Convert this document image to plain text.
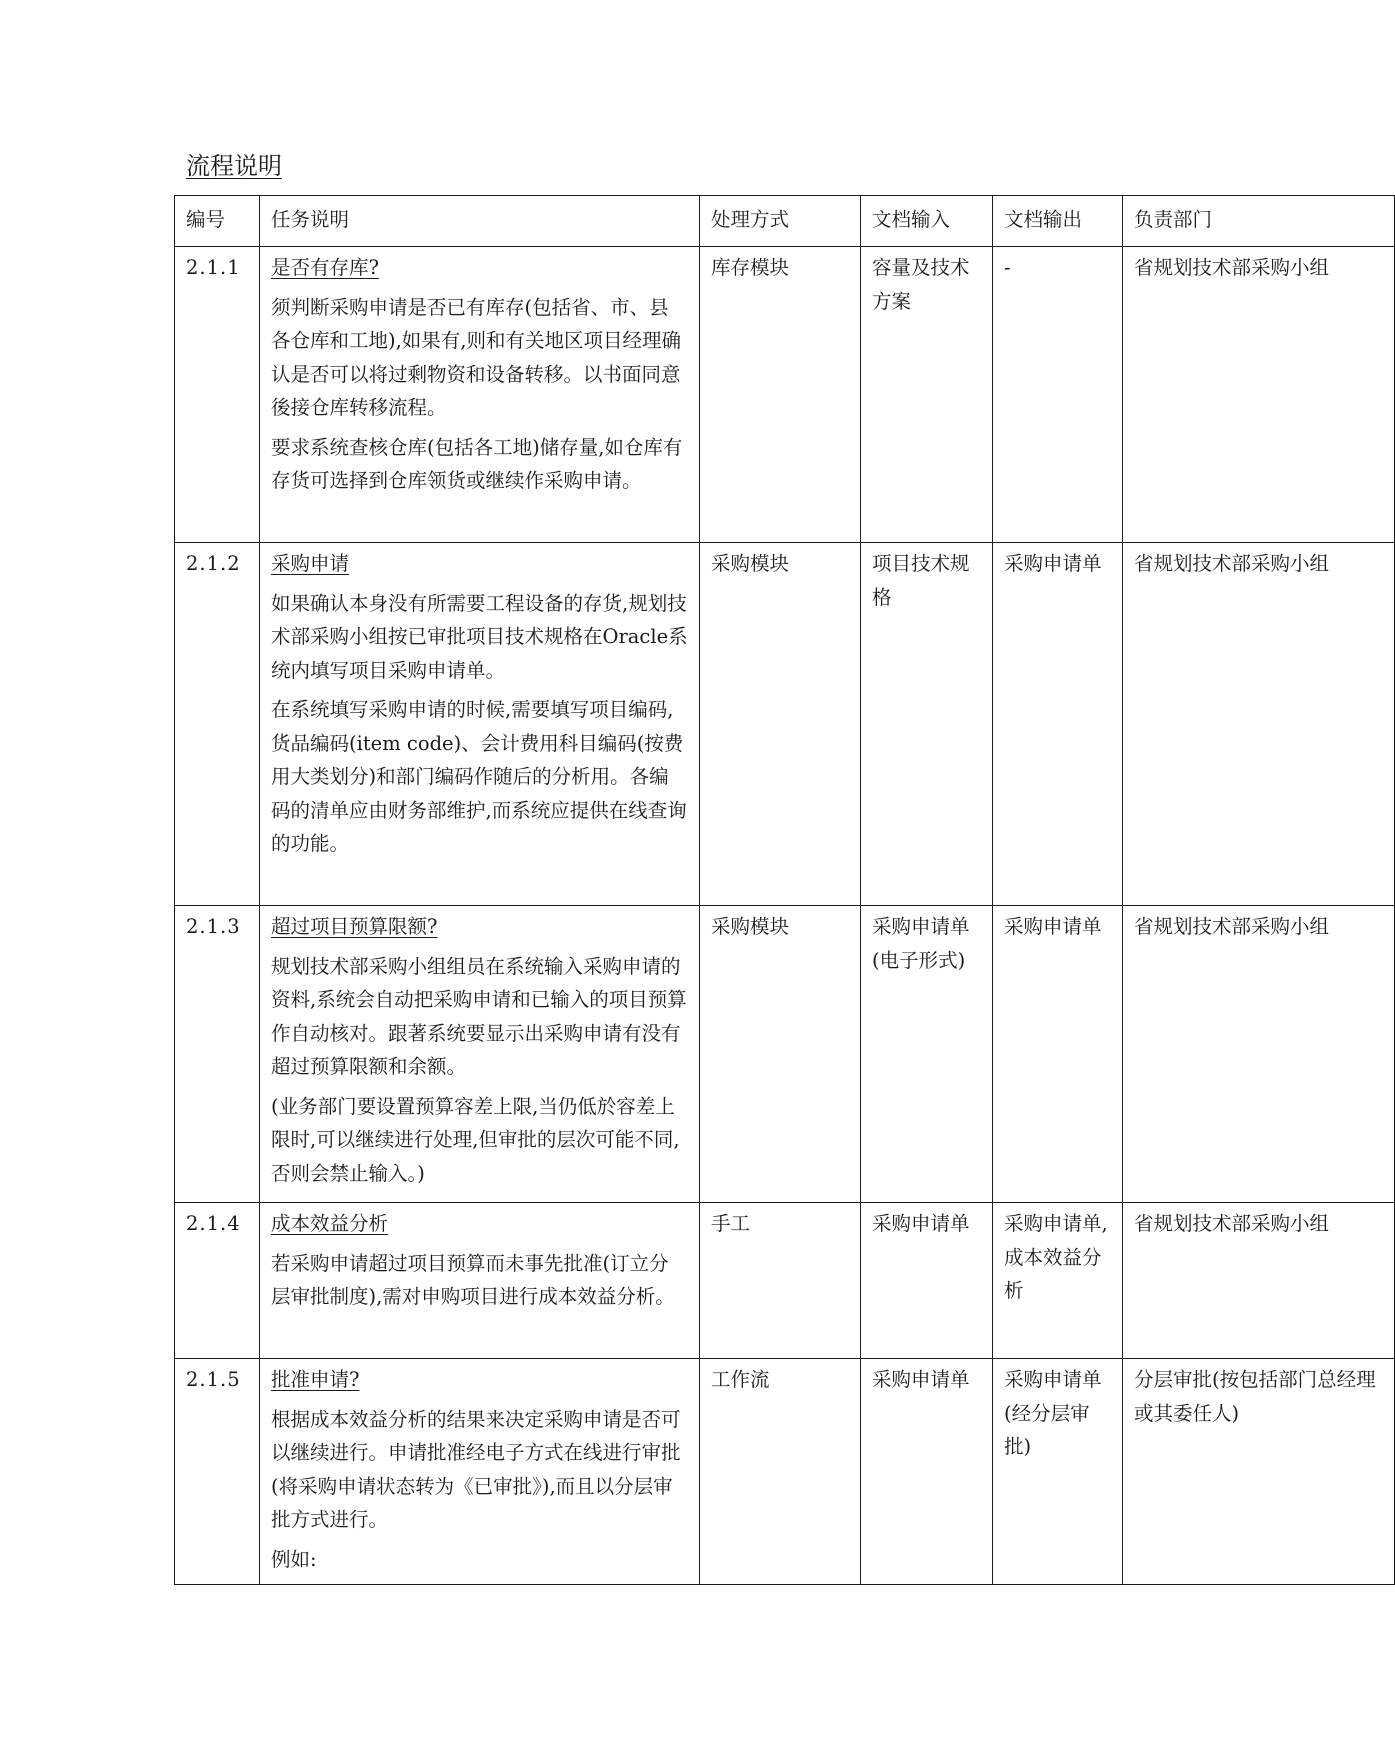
流程说明
编号	任务说明	处理方式	文档输入	文档输出	负责部门
2.1.1	是否有存库?
须判断采购申请是否已有库存(包括省、市、县各仓库和工地),如果有,则和有关地区项目经理确认是否可以将过剩物资和设备转移。以书面同意後接仓库转移流程。
要求系统查核仓库(包括各工地)储存量,如仓库有存货可选择到仓库领货或继续作采购申请。	库存模块	容量及技术方案	-	省规划技术部采购小组
2.1.2	采购申请
如果确认本身没有所需要工程设备的存货,规划技术部采购小组按已审批项目技术规格在Oracle系统内填写项目采购申请单。
在系统填写采购申请的时候,需要填写项目编码, 货品编码(item code)、会计费用科目编码(按费用大类划分)和部门编码作随后的分析用。各编码的清单应由财务部维护,而系统应提供在线查询的功能。	采购模块	项目技术规格	采购申请单	省规划技术部采购小组
2.1.3	超过项目预算限额?
规划技术部采购小组组员在系统输入采购申请的资料,系统会自动把采购申请和已输入的项目预算作自动核对。跟著系统要显示出采购申请有没有超过预算限额和余额。
(业务部门要设置预算容差上限,当仍低於容差上限时,可以继续进行处理,但审批的层次可能不同,否则会禁止输入。)	采购模块	采购申请单(电子形式)	采购申请单	省规划技术部采购小组
2.1.4	成本效益分析
若采购申请超过项目预算而未事先批准(订立分层审批制度),需对申购项目进行成本效益分析。	手工	采购申请单	采购申请单,成本效益分析	省规划技术部采购小组
2.1.5	批准申请?
根据成本效益分析的结果来决定采购申请是否可以继续进行。申请批准经电子方式在线进行审批(将采购申请状态转为《已审批》),而且以分层审批方式进行。
例如:	工作流	采购申请单	采购申请单(经分层审批)	分层审批(按包括部门总经理或其委任人)
